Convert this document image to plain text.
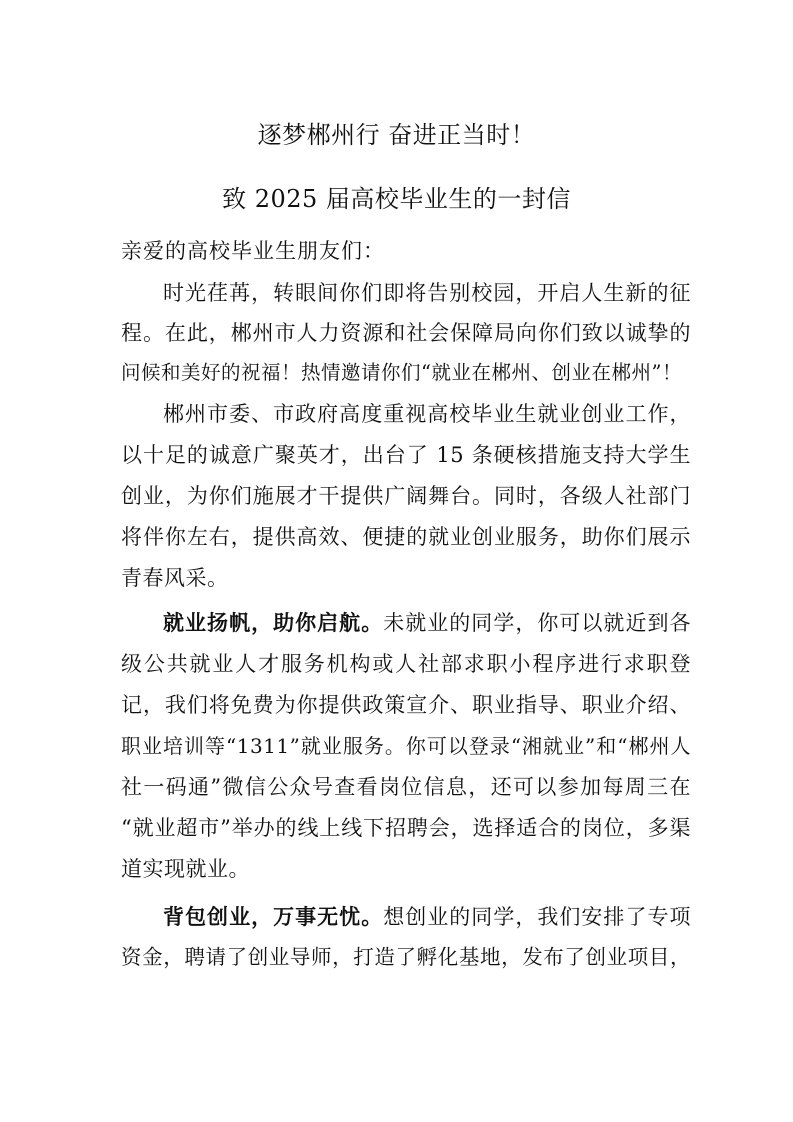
逐梦郴州行 奋进正当时！
致 2025 届高校毕业生的一封信
亲爱的高校毕业生朋友们：
时光荏苒，转眼间你们即将告别校园，开启人生新的征
程。在此，郴州市人力资源和社会保障局向你们致以诚挚的
问候和美好的祝福！热情邀请你们“就业在郴州、创业在郴州”！
郴州市委、市政府高度重视高校毕业生就业创业工作，
以十足的诚意广聚英才，出台了 15 条硬核措施支持大学生
创业，为你们施展才干提供广阔舞台。同时，各级人社部门
将伴你左右，提供高效、便捷的就业创业服务，助你们展示
青春风采。
就业扬帆，助你启航。未就业的同学，你可以就近到各
级公共就业人才服务机构或人社部求职小程序进行求职登
记，我们将免费为你提供政策宣介、职业指导、职业介绍、
职业培训等“1311”就业服务。你可以登录“湘就业”和“郴州人
社一码通”微信公众号查看岗位信息，还可以参加每周三在
“就业超市”举办的线上线下招聘会，选择适合的岗位，多渠
道实现就业。
背包创业，万事无忧。想创业的同学，我们安排了专项
资金，聘请了创业导师，打造了孵化基地，发布了创业项目，
